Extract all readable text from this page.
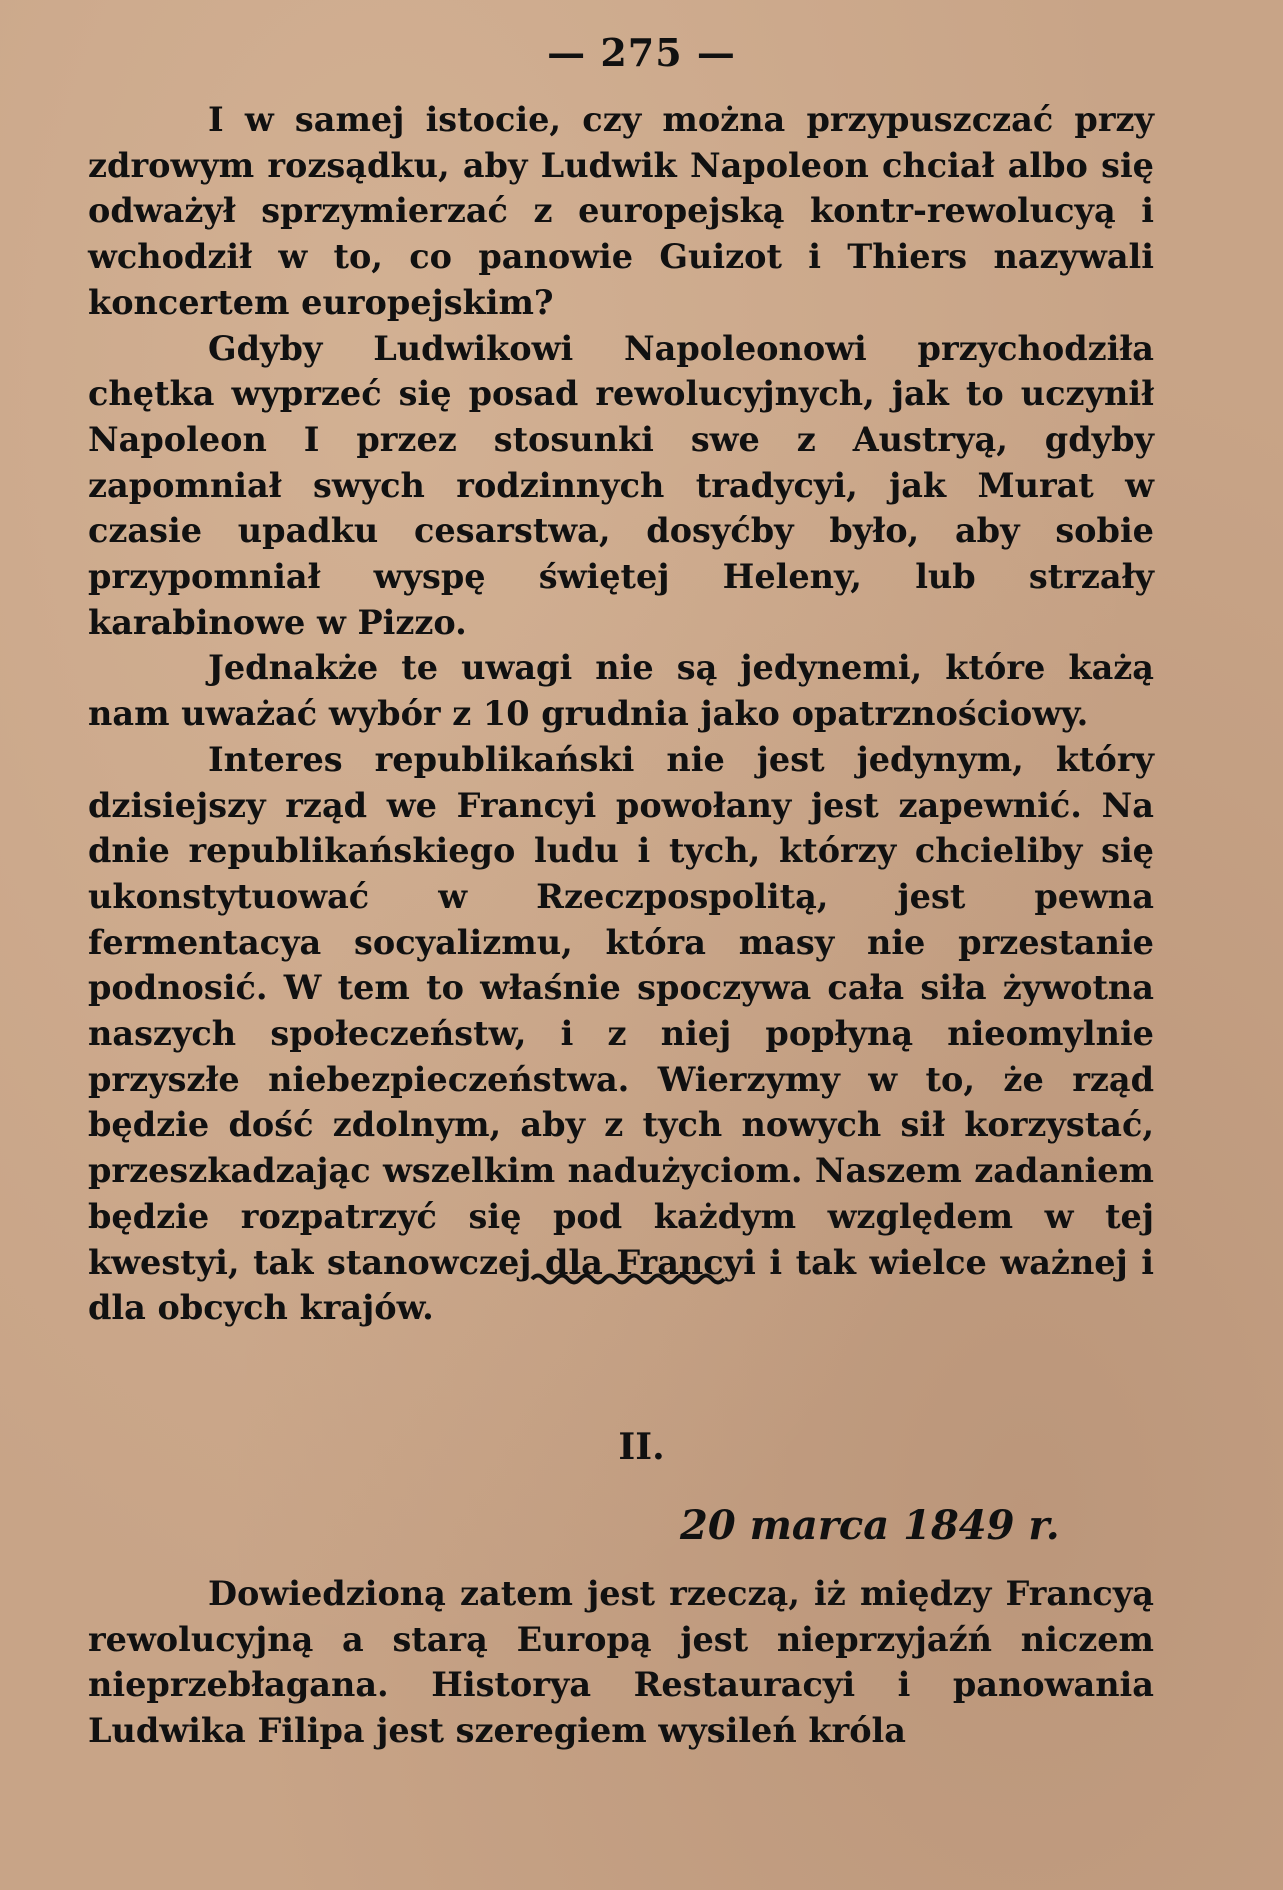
— 275 —

I w samej istocie, czy można przypuszczać przy zdrowym rozsądku, aby Ludwik Napoleon chciał albo się odważył sprzymierzać z europejską kontr-rewolucyą i wchodził w to, co panowie Guizot i Thiers nazywali koncertem europejskim?

Gdyby Ludwikowi Napoleonowi przychodziła chętka wyprzeć się posad rewolucyjnych, jak to uczynił Napoleon I przez stosunki swe z Austryą, gdyby zapomniał swych rodzinnych tradycyi, jak Murat w czasie upadku cesarstwa, dosyćby było, aby sobie przypomniał wyspę świętej Heleny, lub strzały karabinowe w Pizzo.

Jednakże te uwagi nie są jedynemi, które każą nam uważać wybór z 10 grudnia jako opatrznościowy.

Interes republikański nie jest jedynym, który dzisiejszy rząd we Francyi powołany jest zapewnić. Na dnie republikańskiego ludu i tych, którzy chcieliby się ukonstytuować w Rzeczpospolitą, jest pewna fermentacya socyalizmu, która masy nie przestanie podnosić. W tem to właśnie spoczywa cała siła żywotna naszych społeczeństw, i z niej popłyną nieomylnie przyszłe niebezpieczeństwa. Wierzymy w to, że rząd będzie dość zdolnym, aby z tych nowych sił korzystać, przeszkadzając wszelkim nadużyciom. Naszem zadaniem będzie rozpatrzyć się pod każdym względem w tej kwestyi, tak stanowczej dla Francyi i tak wielce ważnej i dla obcych krajów.

II.
20 marca 1849 r.

Dowiedzioną zatem jest rzeczą, iż między Francyą rewolucyjną a starą Europą jest nieprzyjaźń niczem nieprzebłagana. Historya Restauracyi i panowania Ludwika Filipa jest szeregiem wysileń króla
